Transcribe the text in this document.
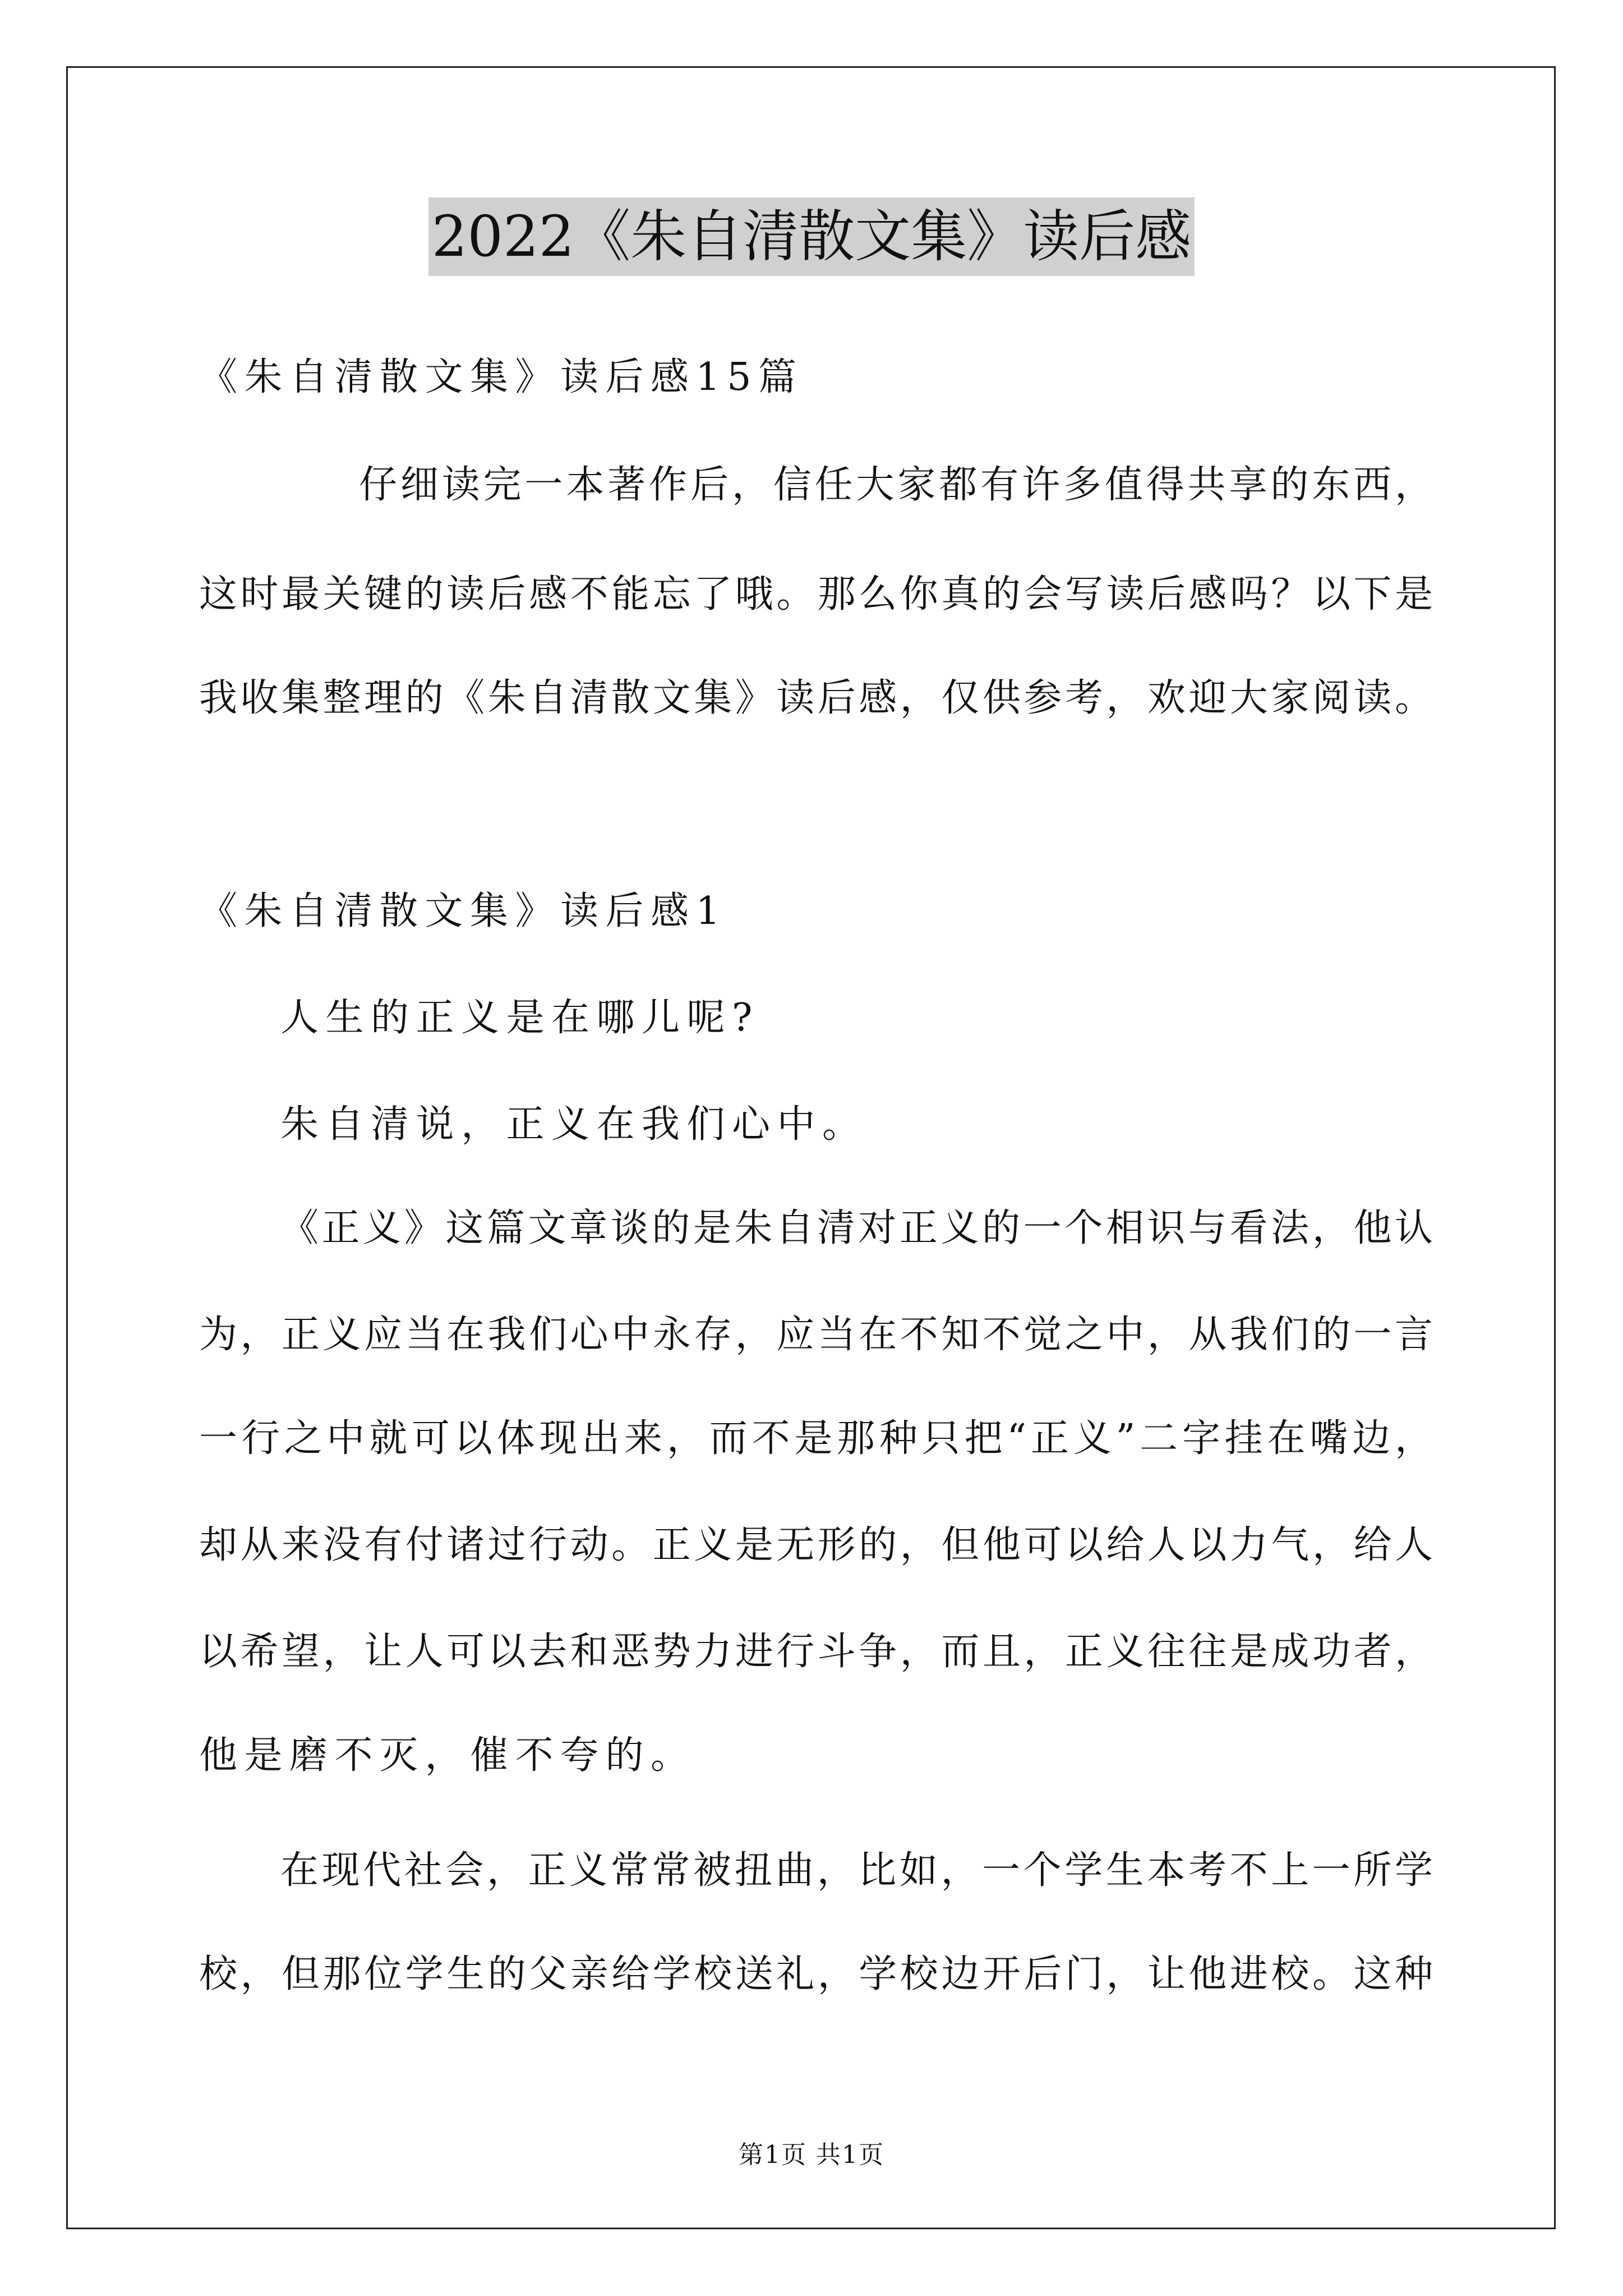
2022《朱自清散文集》读后感
《朱自清散文集》读后感15篇
仔细读完一本著作后，信任大家都有许多值得共享的东西，
这时最关键的读后感不能忘了哦。那么你真的会写读后感吗？以下是
我收集整理的《朱自清散文集》读后感，仅供参考，欢迎大家阅读。
《朱自清散文集》读后感1
人生的正义是在哪儿呢?
朱自清说，正义在我们心中。
《正义》这篇文章谈的是朱自清对正义的一个相识与看法，他认
为，正义应当在我们心中永存，应当在不知不觉之中，从我们的一言
一行之中就可以体现出来，而不是那种只把“正义”二字挂在嘴边，
却从来没有付诸过行动。正义是无形的，但他可以给人以力气，给人
以希望，让人可以去和恶势力进行斗争，而且，正义往往是成功者，
他是磨不灭，催不夸的。
在现代社会，正义常常被扭曲，比如，一个学生本考不上一所学
校，但那位学生的父亲给学校送礼，学校边开后门，让他进校。这种
第1页 共1页
